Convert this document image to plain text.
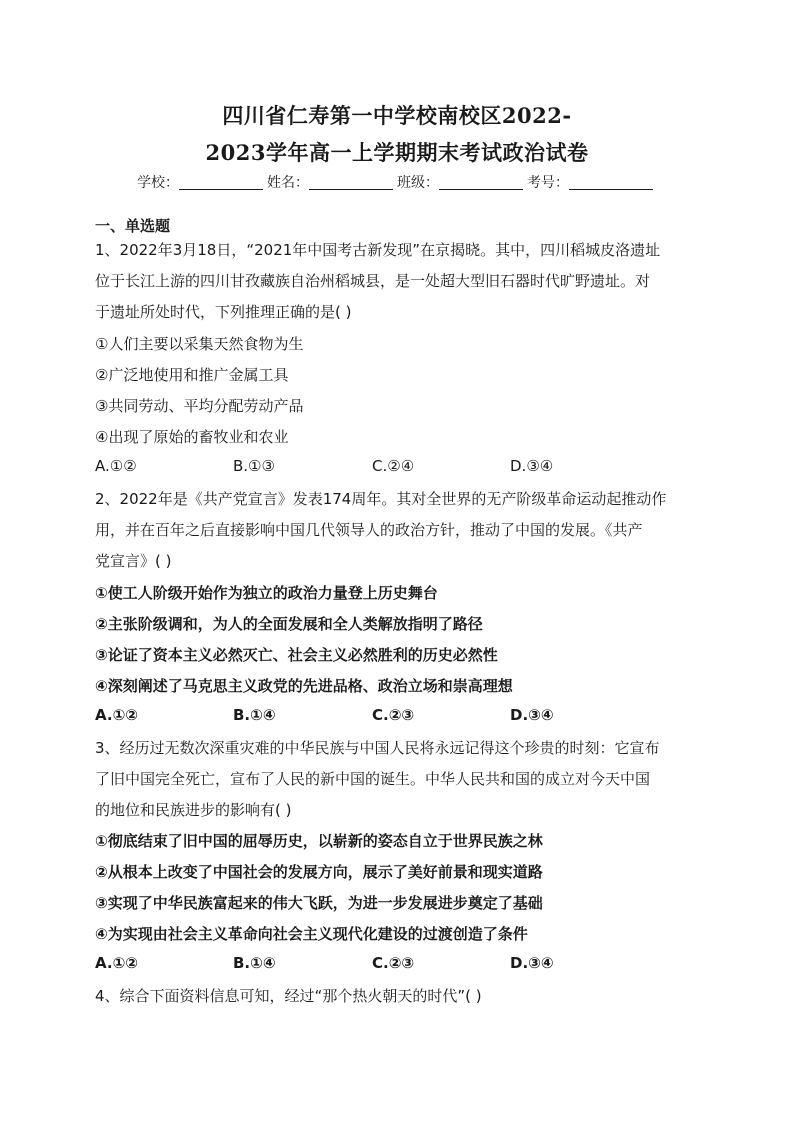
四川省仁寿第一中学校南校区2022-
2023学年高一上学期期末考试政治试卷
学校：	姓名：	班级：	考号：
一、单选题
1、2022年3月18日，“2021年中国考古新发现”在京揭晓。其中，四川稻城皮洛遗址
位于长江上游的四川甘孜藏族自治州稻城县，是一处超大型旧石器时代旷野遗址。对
于遗址所处时代，下列推理正确的是( )
①人们主要以采集天然食物为生
②广泛地使用和推广金属工具
③共同劳动、平均分配劳动产品
④出现了原始的畜牧业和农业
A.①②	B.①③	C.②④	D.③④
2、2022年是《共产党宣言》发表174周年。其对全世界的无产阶级革命运动起推动作
用，并在百年之后直接影响中国几代领导人的政治方针，推动了中国的发展。《共产
党宣言》( )
①使工人阶级开始作为独立的政治力量登上历史舞台
②主张阶级调和，为人的全面发展和全人类解放指明了路径
③论证了资本主义必然灭亡、社会主义必然胜利的历史必然性
④深刻阐述了马克思主义政党的先进品格、政治立场和崇高理想
A.①②	B.①④	C.②③	D.③④
3、经历过无数次深重灾难的中华民族与中国人民将永远记得这个珍贵的时刻：它宣布
了旧中国完全死亡，宣布了人民的新中国的诞生。中华人民共和国的成立对今天中国
的地位和民族进步的影响有( )
①彻底结束了旧中国的屈辱历史，以崭新的姿态自立于世界民族之林
②从根本上改变了中国社会的发展方向，展示了美好前景和现实道路
③实现了中华民族富起来的伟大飞跃，为进一步发展进步奠定了基础
④为实现由社会主义革命向社会主义现代化建设的过渡创造了条件
A.①②	B.①④	C.②③	D.③④
4、综合下面资料信息可知，经过“那个热火朝天的时代”( )
